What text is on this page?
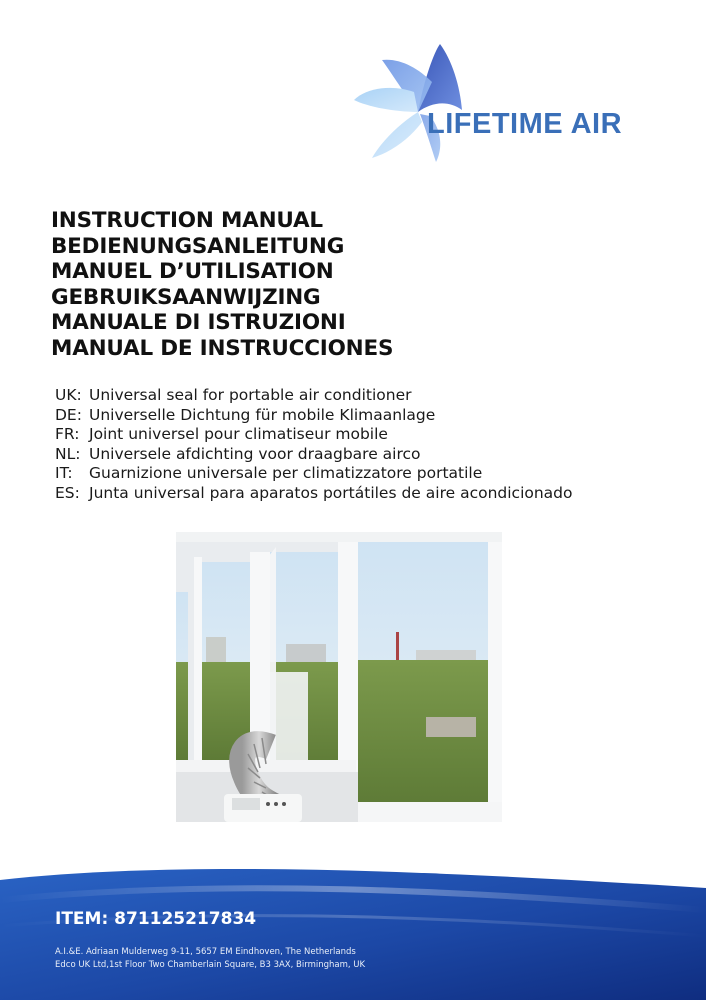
LIFETIME AIR
INSTRUCTION MANUAL
BEDIENUNGSANLEITUNG
MANUEL D’UTILISATION
GEBRUIKSAANWIJZING
MANUALE DI ISTRUZIONI
MANUAL DE INSTRUCCIONES
UK: Universal seal for portable air conditioner
DE: Universelle Dichtung für mobile Klimaanlage
FR: Joint universel pour climatiseur mobile
NL: Universele afdichting voor draagbare airco
IT: Guarnizione universale per climatizzatore portatile
ES: Junta universal para aparatos portátiles de aire acondicionado
ITEM: 871125217834
A.I.&E. Adriaan Mulderweg 9-11, 5657 EM Eindhoven, The Netherlands
Edco UK Ltd,1st Floor Two Chamberlain Square, B3 3AX, Birmingham, UK
